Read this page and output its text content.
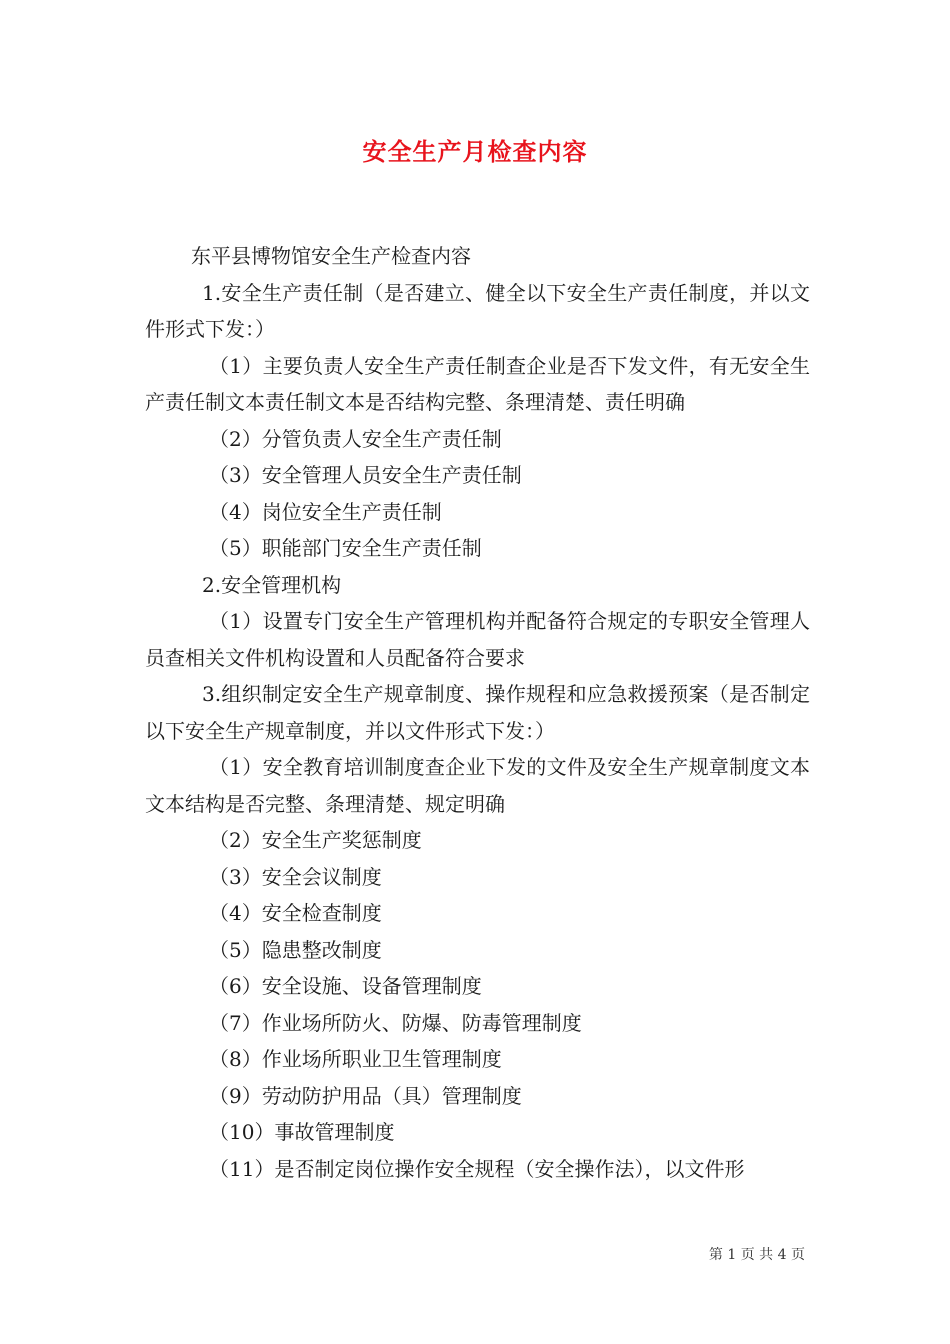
安全生产月检查内容

东平县博物馆安全生产检查内容

1.安全生产责任制（是否建立、健全以下安全生产责任制度，并以文件形式下发：）

（1）主要负责人安全生产责任制查企业是否下发文件，有无安全生产责任制文本责任制文本是否结构完整、条理清楚、责任明确

（2）分管负责人安全生产责任制

（3）安全管理人员安全生产责任制

（4）岗位安全生产责任制

（5）职能部门安全生产责任制

2.安全管理机构

（1）设置专门安全生产管理机构并配备符合规定的专职安全管理人员查相关文件机构设置和人员配备符合要求

3.组织制定安全生产规章制度、操作规程和应急救援预案（是否制定以下安全生产规章制度，并以文件形式下发：）

（1）安全教育培训制度查企业下发的文件及安全生产规章制度文本文本结构是否完整、条理清楚、规定明确

（2）安全生产奖惩制度

（3）安全会议制度

（4）安全检查制度

（5）隐患整改制度

（6）安全设施、设备管理制度

（7）作业场所防火、防爆、防毒管理制度

（8）作业场所职业卫生管理制度

（9）劳动防护用品（具）管理制度

（10）事故管理制度

（11）是否制定岗位操作安全规程（安全操作法），以文件形

第 1 页 共 4 页
